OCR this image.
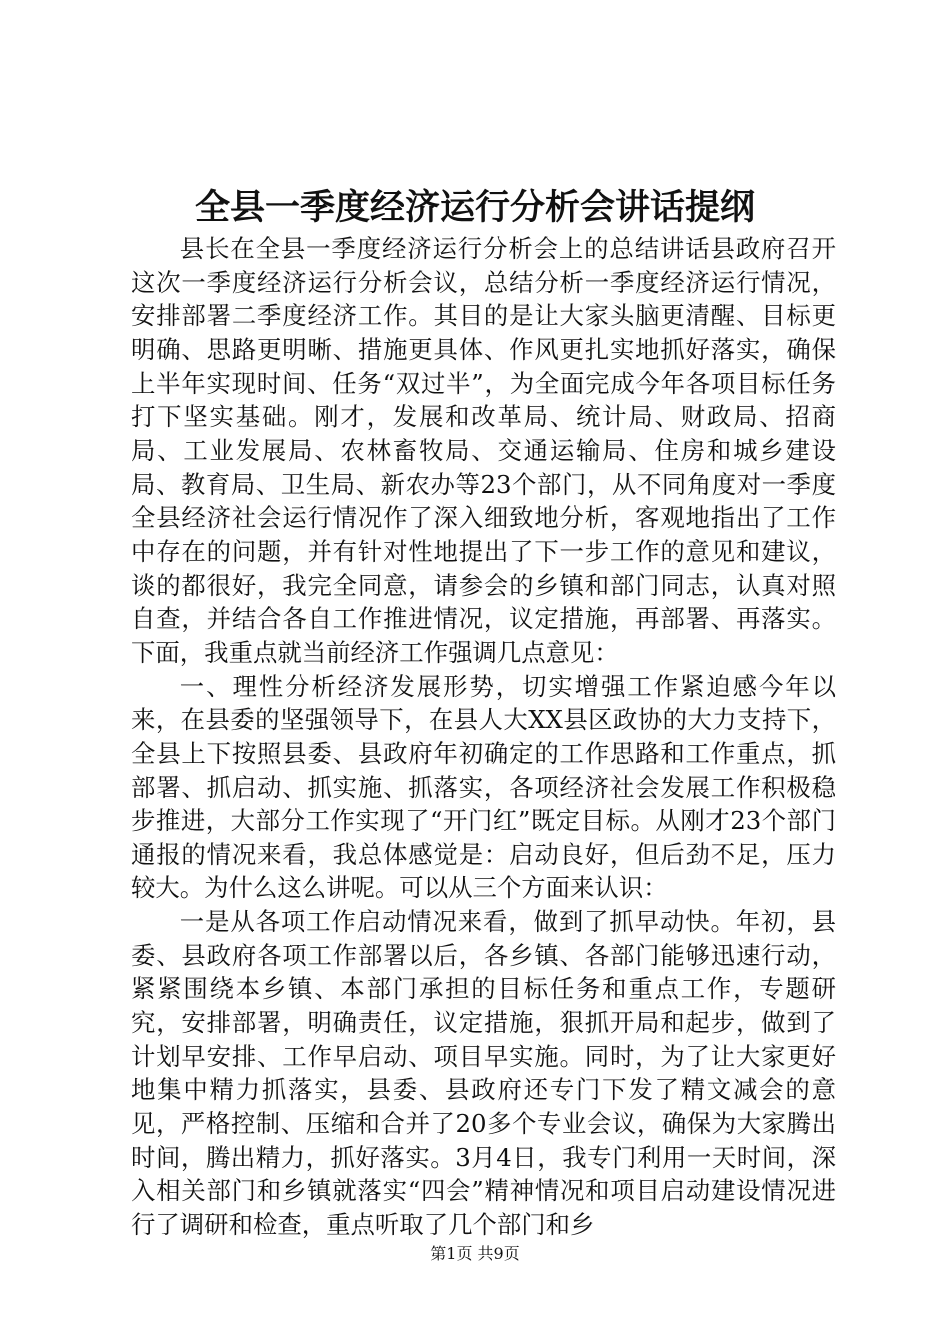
全县一季度经济运行分析会讲话提纲

县长在全县一季度经济运行分析会上的总结讲话县政府召开这次一季度经济运行分析会议，总结分析一季度经济运行情况，安排部署二季度经济工作。其目的是让大家头脑更清醒、目标更明确、思路更明晰、措施更具体、作风更扎实地抓好落实，确保上半年实现时间、任务“双过半”，为全面完成今年各项目标任务打下坚实基础。刚才，发展和改革局、统计局、财政局、招商局、工业发展局、农林畜牧局、交通运输局、住房和城乡建设局、教育局、卫生局、新农办等23个部门，从不同角度对一季度全县经济社会运行情况作了深入细致地分析，客观地指出了工作中存在的问题，并有针对性地提出了下一步工作的意见和建议，谈的都很好，我完全同意，请参会的乡镇和部门同志，认真对照自查，并结合各自工作推进情况，议定措施，再部署、再落实。下面，我重点就当前经济工作强调几点意见：

一、理性分析经济发展形势，切实增强工作紧迫感今年以来，在县委的坚强领导下，在县人大XX县区政协的大力支持下，全县上下按照县委、县政府年初确定的工作思路和工作重点，抓部署、抓启动、抓实施、抓落实，各项经济社会发展工作积极稳步推进，大部分工作实现了“开门红”既定目标。从刚才23个部门通报的情况来看，我总体感觉是：启动良好，但后劲不足，压力较大。为什么这么讲呢。可以从三个方面来认识：

一是从各项工作启动情况来看，做到了抓早动快。年初，县委、县政府各项工作部署以后，各乡镇、各部门能够迅速行动，紧紧围绕本乡镇、本部门承担的目标任务和重点工作，专题研究，安排部署，明确责任，议定措施，狠抓开局和起步，做到了计划早安排、工作早启动、项目早实施。同时，为了让大家更好地集中精力抓落实，县委、县政府还专门下发了精文减会的意见，严格控制、压缩和合并了20多个专业会议，确保为大家腾出时间，腾出精力，抓好落实。3月4日，我专门利用一天时间，深入相关部门和乡镇就落实“四会”精神情况和项目启动建设情况进行了调研和检查，重点听取了几个部门和乡

第1页 共9页
